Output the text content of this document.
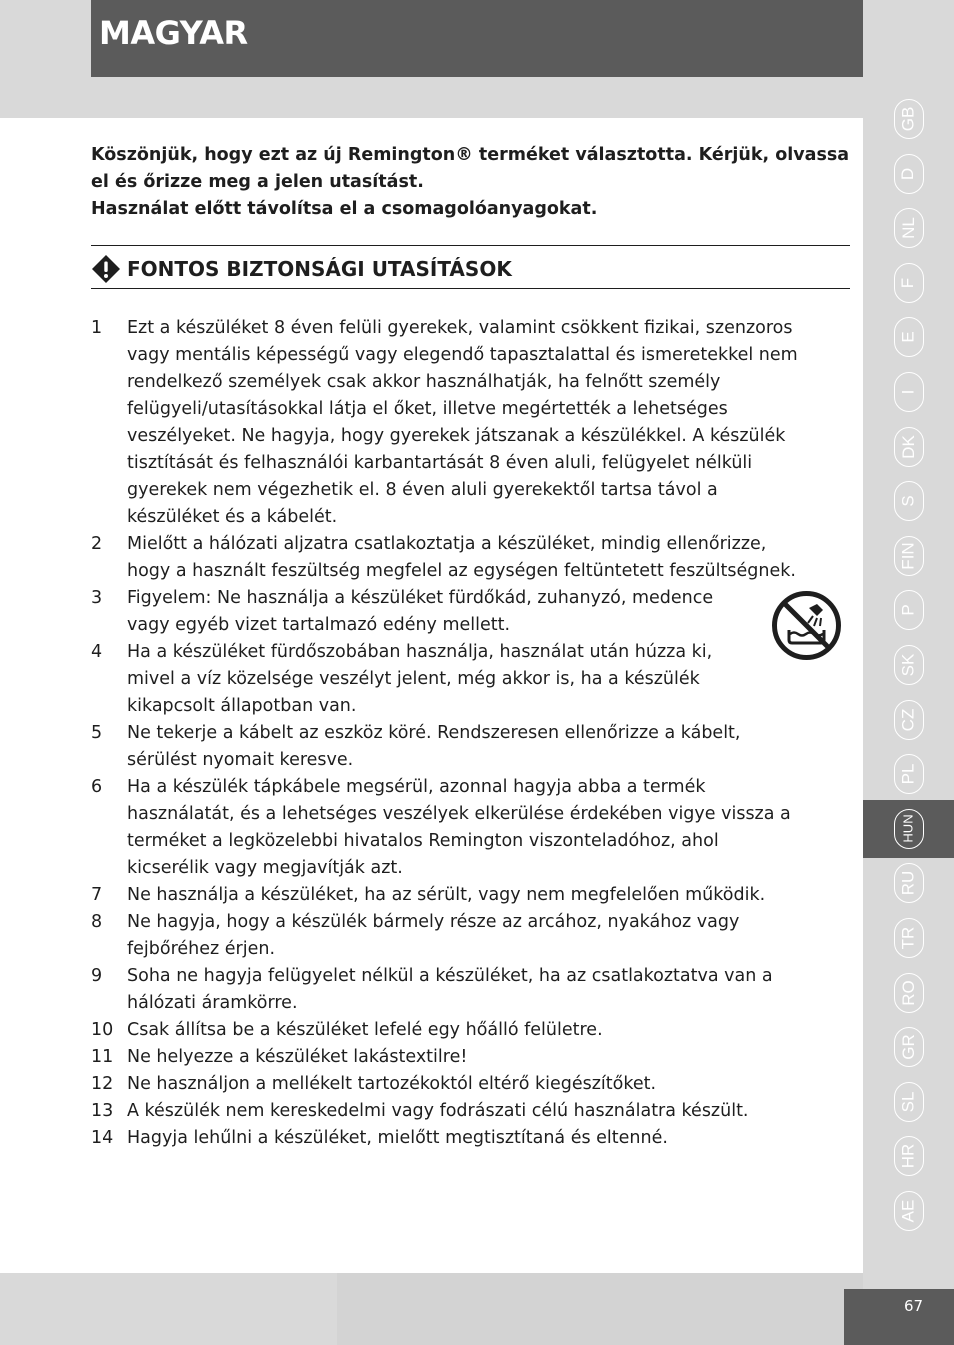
MAGYAR
Köszönjük, hogy ezt az új Remington® terméket választotta. Kérjük, olvassa
el és őrizze meg a jelen utasítást.
Használat előtt távolítsa el a csomagolóanyagokat.
FONTOS BIZTONSÁGI UTASÍTÁSOK
1 Ezt a készüléket 8 éven felüli gyerekek, valamint csökkent fizikai, szenzoros
vagy mentális képességű vagy elegendő tapasztalattal és ismeretekkel nem
rendelkező személyek csak akkor használhatják, ha felnőtt személy
felügyeli/utasításokkal látja el őket, illetve megértették a lehetséges
veszélyeket. Ne hagyja, hogy gyerekek játszanak a készülékkel. A készülék
tisztítását és felhasználói karbantartását 8 éven aluli, felügyelet nélküli
gyerekek nem végezhetik el. 8 éven aluli gyerekektől tartsa távol a
készüléket és a kábelét.
2 Mielőtt a hálózati aljzatra csatlakoztatja a készüléket, mindig ellenőrizze,
hogy a használt feszültség megfelel az egységen feltüntetett feszültségnek.
3 Figyelem: Ne használja a készüléket fürdőkád, zuhanyzó, medence
vagy egyéb vizet tartalmazó edény mellett.
4 Ha a készüléket fürdőszobában használja, használat után húzza ki,
mivel a víz közelsége veszélyt jelent, még akkor is, ha a készülék
kikapcsolt állapotban van.
5 Ne tekerje a kábelt az eszköz köré. Rendszeresen ellenőrizze a kábelt,
sérülést nyomait keresve.
6 Ha a készülék tápkábele megsérül, azonnal hagyja abba a termék
használatát, és a lehetséges veszélyek elkerülése érdekében vigye vissza a
terméket a legközelebbi hivatalos Remington viszonteladóhoz, ahol
kicserélik vagy megjavítják azt.
7 Ne használja a készüléket, ha az sérült, vagy nem megfelelően működik.
8 Ne hagyja, hogy a készülék bármely része az arcához, nyakához vagy
fejbőréhez érjen.
9 Soha ne hagyja felügyelet nélkül a készüléket, ha az csatlakoztatva van a
hálózati áramkörre.
10 Csak állítsa be a készüléket lefelé egy hőálló felületre.
11 Ne helyezze a készüléket lakástextilre!
12 Ne használjon a mellékelt tartozékoktól eltérő kiegészítőket.
13 A készülék nem kereskedelmi vagy fodrászati célú használatra készült.
14 Hagyja lehűlni a készüléket, mielőtt megtisztítaná és eltenné.
GB
D
NL
F
E
I
DK
S
FIN
P
SK
CZ
PL
HUN
RU
TR
RO
GR
SL
HR
AE
67
